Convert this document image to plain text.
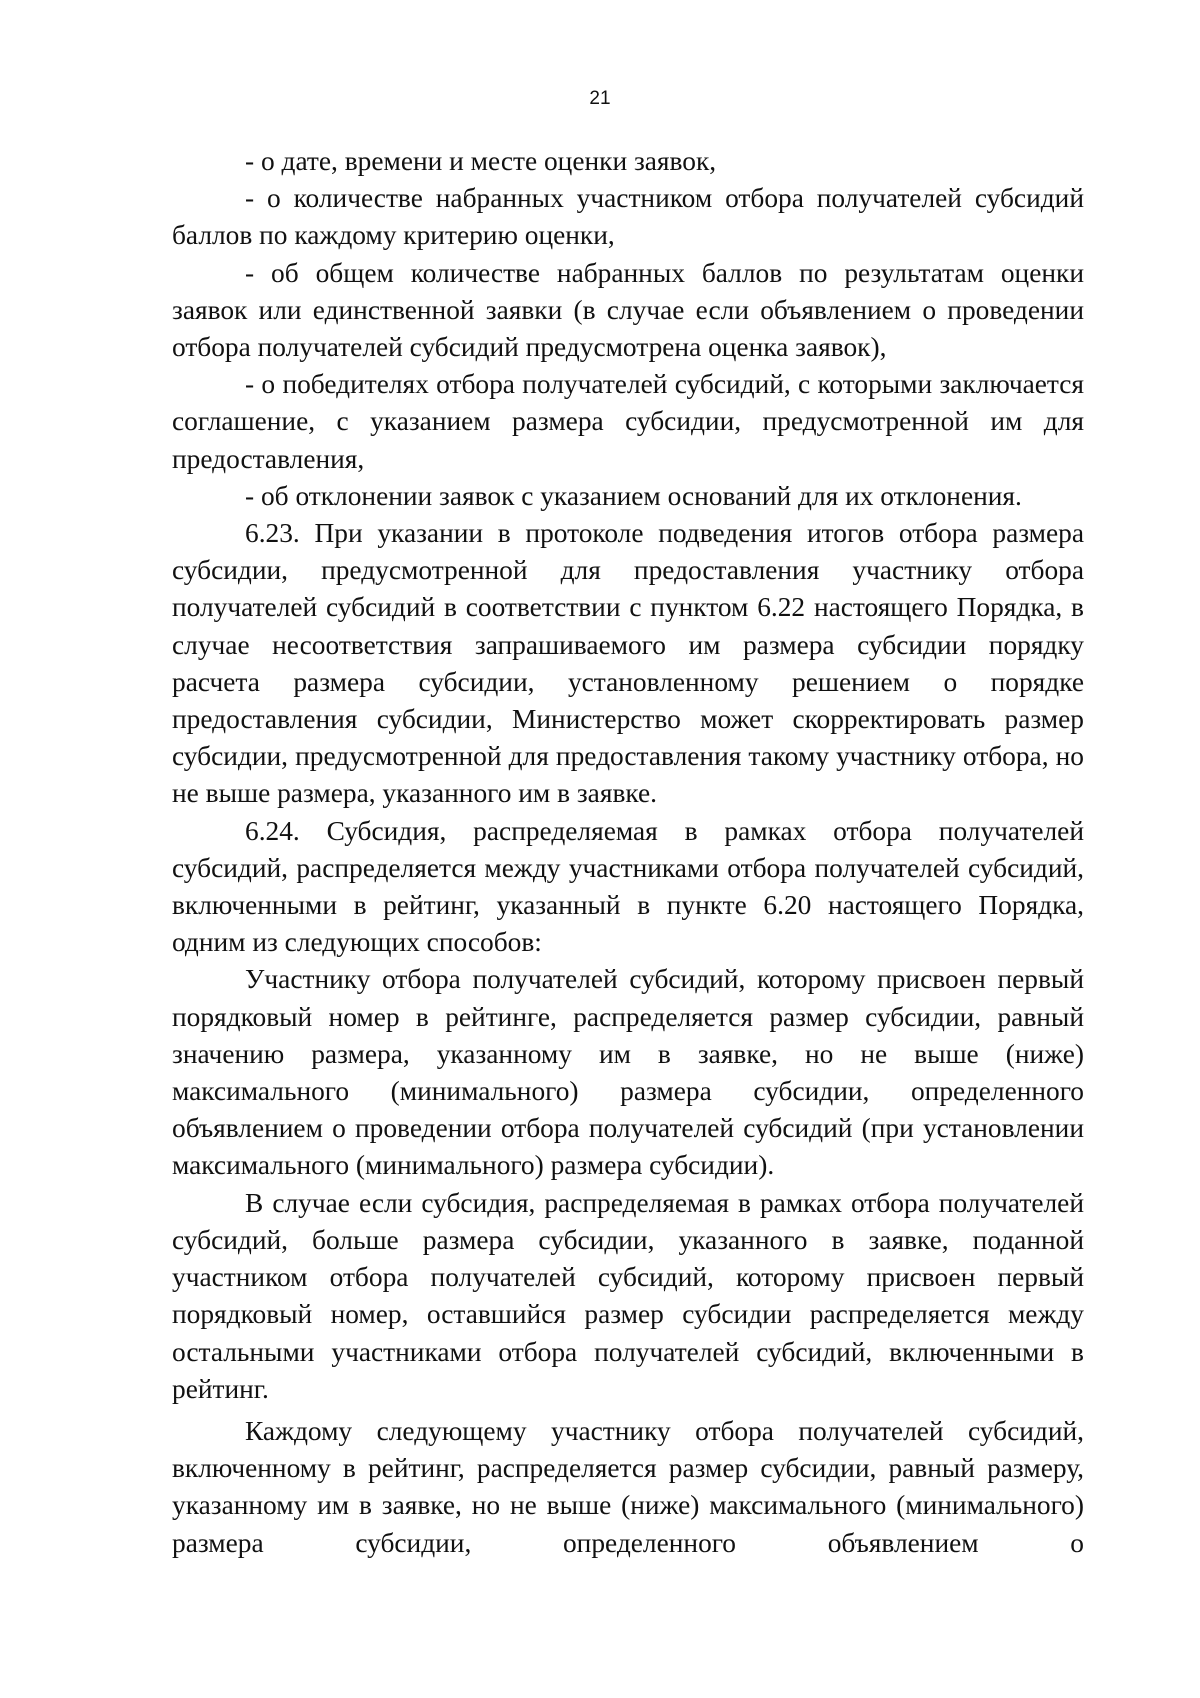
21

- о дате, времени и месте оценки заявок,

- о количестве набранных участником отбора получателей субсидий баллов по каждому критерию оценки,

- об общем количестве набранных баллов по результатам оценки заявок или единственной заявки (в случае если объявлением о проведении отбора получателей субсидий предусмотрена оценка заявок),

- о победителях отбора получателей субсидий, с которыми заключается соглашение, с указанием размера субсидии, предусмотренной им для предоставления,

- об отклонении заявок с указанием оснований для их отклонения.

6.23. При указании в протоколе подведения итогов отбора размера субсидии, предусмотренной для предоставления участнику отбора получателей субсидий в соответствии с пунктом 6.22 настоящего Порядка, в случае несоответствия запрашиваемого им размера субсидии порядку расчета размера субсидии, установленному решением о порядке предоставления субсидии, Министерство может скорректировать размер субсидии, предусмотренной для предоставления такому участнику отбора, но не выше размера, указанного им в заявке.

6.24. Субсидия, распределяемая в рамках отбора получателей субсидий, распределяется между участниками отбора получателей субсидий, включенными в рейтинг, указанный в пункте 6.20 настоящего Порядка, одним из следующих способов:

Участнику отбора получателей субсидий, которому присвоен первый порядковый номер в рейтинге, распределяется размер субсидии, равный значению размера, указанному им в заявке, но не выше (ниже) максимального (минимального) размера субсидии, определенного объявлением о проведении отбора получателей субсидий (при установлении максимального (минимального) размера субсидии).

В случае если субсидия, распределяемая в рамках отбора получателей субсидий, больше размера субсидии, указанного в заявке, поданной участником отбора получателей субсидий, которому присвоен первый порядковый номер, оставшийся размер субсидии распределяется между остальными участниками отбора получателей субсидий, включенными в рейтинг.

Каждому следующему участнику отбора получателей субсидий, включенному в рейтинг, распределяется размер субсидии, равный размеру, указанному им в заявке, но не выше (ниже) максимального (минимального) размера субсидии, определенного объявлением о
